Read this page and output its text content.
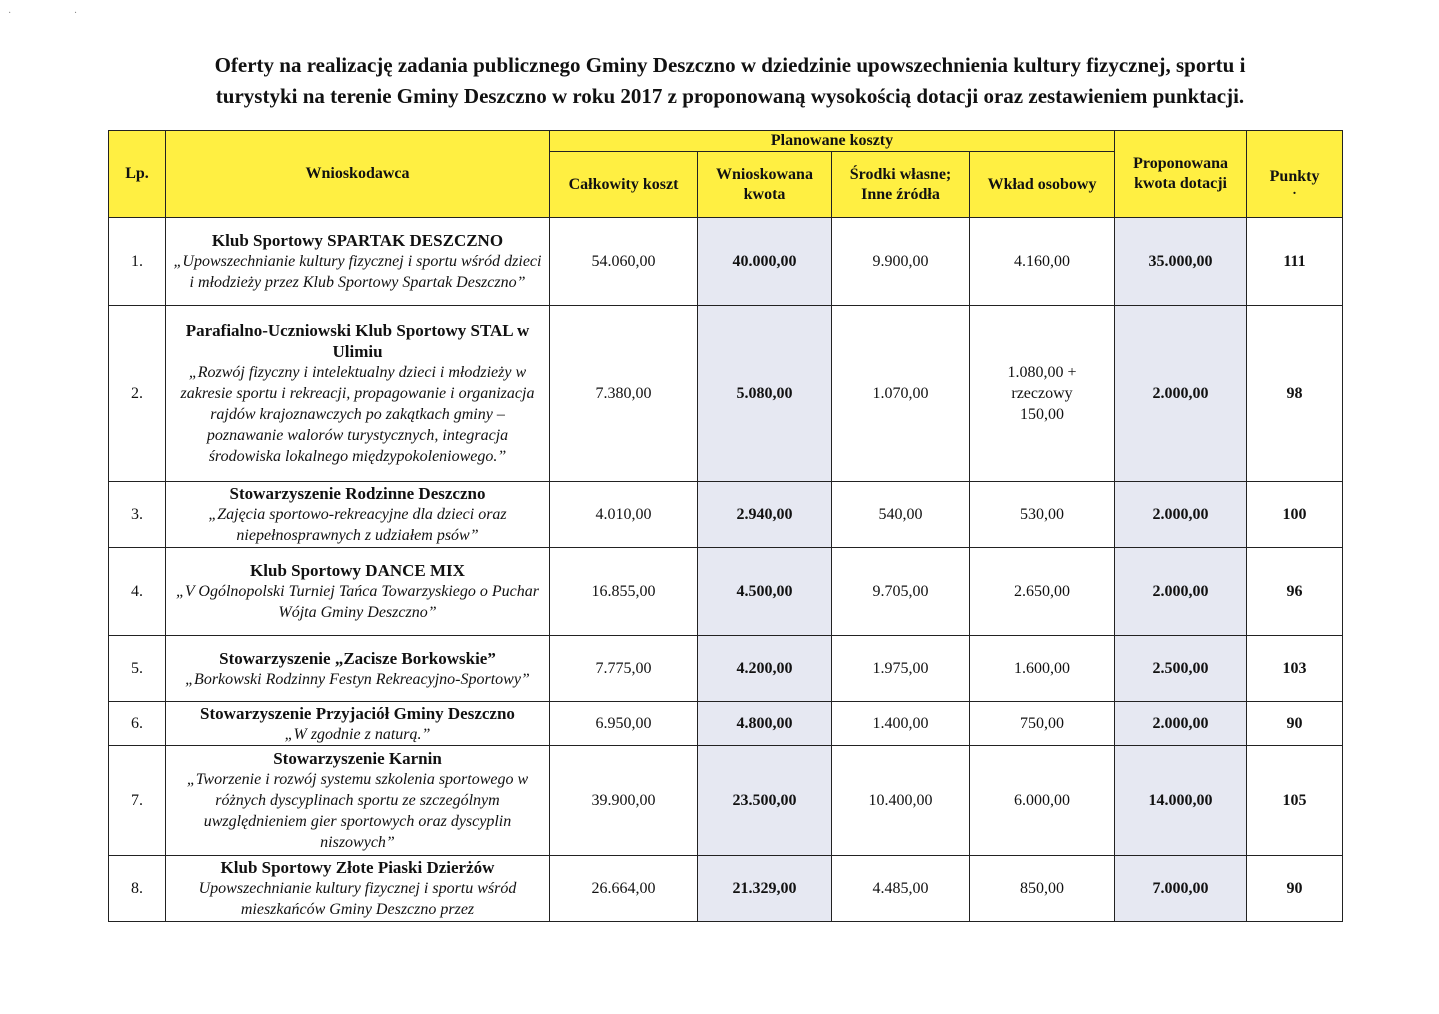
· ·
Oferty na realizację zadania publicznego Gminy Deszczno w dziedzinie upowszechnienia kultury fizycznej, sportu i
turystyki na terenie Gminy Deszczno w roku 2017 z proponowaną wysokością dotacji oraz zestawieniem punktacji.
Lp.	Wnioskodawca	Planowane koszty				Proponowana kwota dotacji	Punkty
.

		Całkowity koszt	Wnioskowana kwota	Środki własne; Inne źródła	Wkład osobowy		
1.	Klub Sportowy SPARTAK DESZCZNO
„Upowszechnianie kultury fizycznej i sportu wśród dzieci i młodzieży przez Klub Sportowy Spartak Deszczno”	54.060,00	40.000,00	9.900,00	4.160,00	35.000,00	111
2.	Parafialno-Uczniowski Klub Sportowy STAL w Ulimiu
„Rozwój fizyczny i intelektualny dzieci i młodzieży w zakresie sportu i rekreacji, propagowanie i organizacja rajdów krajoznawczych po zakątkach gminy – poznawanie walorów turystycznych, integracja środowiska lokalnego międzypokoleniowego.”	7.380,00	5.080,00	1.070,00	1.080,00 + rzeczowy 150,00	2.000,00	98
3.	Stowarzyszenie Rodzinne Deszczno
„Zajęcia sportowo-rekreacyjne dla dzieci oraz niepełnosprawnych z udziałem psów”	4.010,00	2.940,00	540,00	530,00	2.000,00	100
4.	Klub Sportowy DANCE MIX
„V Ogólnopolski Turniej Tańca Towarzyskiego o Puchar Wójta Gminy Deszczno”	16.855,00	4.500,00	9.705,00	2.650,00	2.000,00	96
5.	Stowarzyszenie „Zacisze Borkowskie”
„Borkowski Rodzinny Festyn Rekreacyjno-Sportowy”	7.775,00	4.200,00	1.975,00	1.600,00	2.500,00	103
6.	Stowarzyszenie Przyjaciół Gminy Deszczno
„W zgodnie z naturą.”	6.950,00	4.800,00	1.400,00	750,00	2.000,00	90
7.	Stowarzyszenie Karnin
„Tworzenie i rozwój systemu szkolenia sportowego w różnych dyscyplinach sportu ze szczególnym uwzględnieniem gier sportowych oraz dyscyplin niszowych”	39.900,00	23.500,00	10.400,00	6.000,00	14.000,00	105
8.	Klub Sportowy Złote Piaski Dzierżów
Upowszechnianie kultury fizycznej i sportu wśród mieszkańców Gminy Deszczno przez	26.664,00	21.329,00	4.485,00	850,00	7.000,00	90
